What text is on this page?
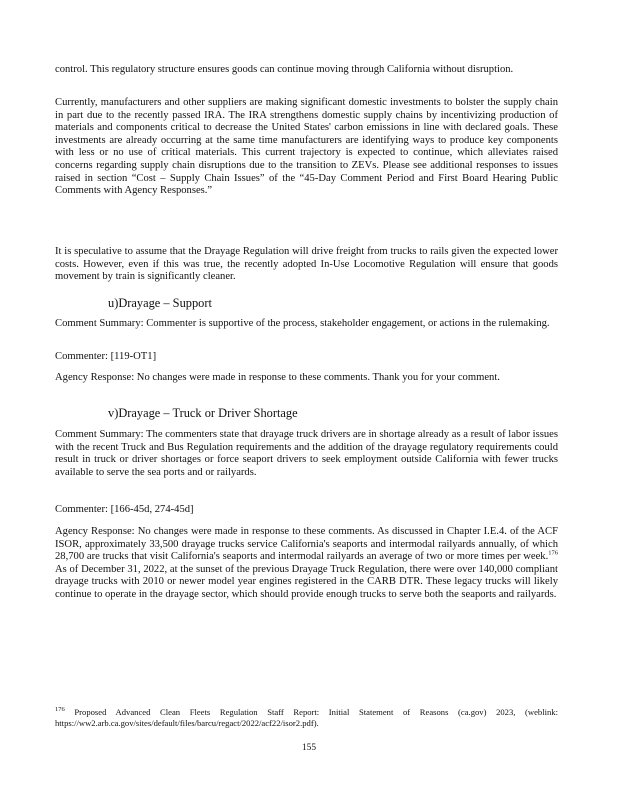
control. This regulatory structure ensures goods can continue moving through California without disruption.

Currently, manufacturers and other suppliers are making significant domestic investments to bolster the supply chain in part due to the recently passed IRA. The IRA strengthens domestic supply chains by incentivizing production of materials and components critical to decrease the United States' carbon emissions in line with declared goals. These investments are already occurring at the same time manufacturers are identifying ways to produce key components with less or no use of critical materials. This current trajectory is expected to continue, which alleviates raised concerns regarding supply chain disruptions due to the transition to ZEVs. Please see additional responses to issues raised in section “Cost – Supply Chain Issues” of the “45-Day Comment Period and First Board Hearing Public Comments with Agency Responses.”

It is speculative to assume that the Drayage Regulation will drive freight from trucks to rails given the expected lower costs. However, even if this was true, the recently adopted In-Use Locomotive Regulation will ensure that goods movement by train is significantly cleaner.

u)Drayage – Support

Comment Summary: Commenter is supportive of the process, stakeholder engagement, or actions in the rulemaking.

Commenter: [119-OT1]

Agency Response: No changes were made in response to these comments. Thank you for your comment.

v)Drayage – Truck or Driver Shortage

Comment Summary: The commenters state that drayage truck drivers are in shortage already as a result of labor issues with the recent Truck and Bus Regulation requirements and the addition of the drayage regulatory requirements could result in truck or driver shortages or force seaport drivers to seek employment outside California with fewer trucks available to serve the sea ports and or railyards.

Commenter: [166-45d, 274-45d]

Agency Response: No changes were made in response to these comments. As discussed in Chapter I.E.4. of the ACF ISOR, approximately 33,500 drayage trucks service California's seaports and intermodal railyards annually, of which 28,700 are trucks that visit California's seaports and intermodal railyards an average of two or more times per week.$^{176}$ As of December 31, 2022, at the sunset of the previous Drayage Truck Regulation, there were over 140,000 compliant drayage trucks with 2010 or newer model year engines registered in the CARB DTR. These legacy trucks will likely continue to operate in the drayage sector, which should provide enough trucks to serve both the seaports and railyards.

$^{176}$ Proposed Advanced Clean Fleets Regulation Staff Report: Initial Statement of Reasons (ca.gov) 2023, (weblink: https://ww2.arb.ca.gov/sites/default/files/barcu/regact/2022/acf22/isor2.pdf).

155
